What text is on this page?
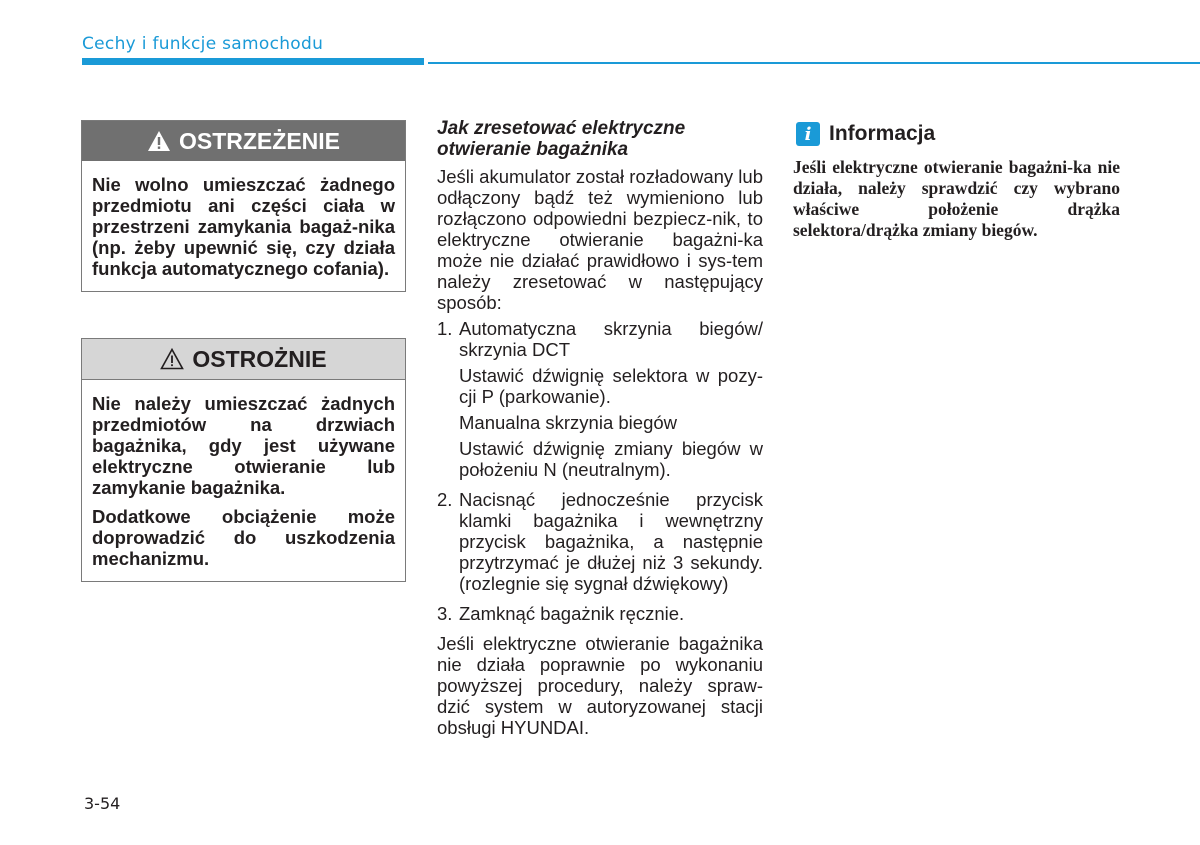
Cechy i funkcje samochodu
OSTRZEŻENIE

Nie wolno umieszczać żadnego przedmiotu ani części ciała w przestrzeni zamykania bagaż-nika (np. żeby upewnić się, czy działa funkcja automatycznego cofania).

OSTROŻNIE

Nie należy umieszczać żadnych przedmiotów na drzwiach bagażnika, gdy jest używane elektryczne otwieranie lub zamykanie bagażnika.

Dodatkowe obciążenie może doprowadzić do uszkodzenia mechanizmu.

Jak zresetować elektryczne otwieranie bagażnika

Jeśli akumulator został rozładowany lub odłączony bądź też wymieniono lub rozłączono odpowiedni bezpiecz-nik, to elektryczne otwieranie bagażni-ka może nie działać prawidłowo i sys-tem należy zresetować w następujący sposób:

1. Automatyczna skrzynia biegów/ skrzynia DCT
Ustawić dźwignię selektora w pozy-cji P (parkowanie).
Manualna skrzynia biegów
Ustawić dźwignię zmiany biegów w położeniu N (neutralnym).
2. Nacisnąć jednocześnie przycisk klamki bagażnika i wewnętrzny przycisk bagażnika, a następnie przytrzymać je dłużej niż 3 sekundy. (rozlegnie się sygnał dźwiękowy)
3. Zamknąć bagażnik ręcznie.

Jeśli elektryczne otwieranie bagażnika nie działa poprawnie po wykonaniu powyższej procedury, należy spraw-dzić system w autoryzowanej stacji obsługi HYUNDAI.

i Informacja
Jeśli elektryczne otwieranie bagażni-ka nie działa, należy sprawdzić czy wybrano właściwe położenie drążka selektora/drążka zmiany biegów.
3-54
